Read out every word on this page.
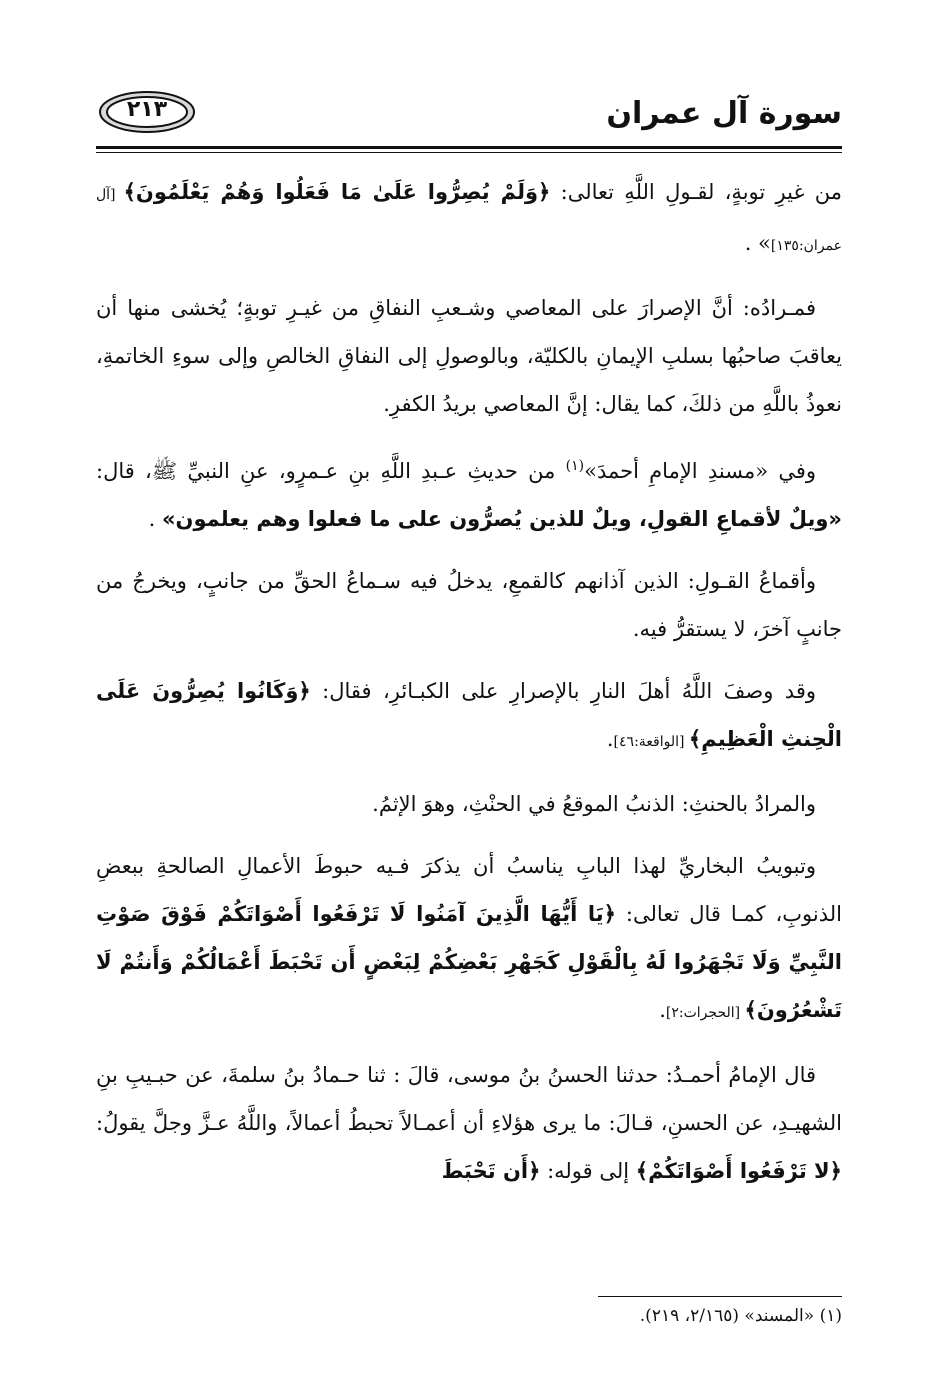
٢١٣	سورة آل عمران

من غيرِ توبةٍ، لقـولِ اللَّهِ تعالى: ﴿وَلَمْ يُصِرُّوا عَلَىٰ مَا فَعَلُوا وَهُمْ يَعْلَمُونَ﴾ [آل عمران:١٣٥]» .

فمـرادُه: أنَّ الإصرارَ على المعاصي وشـعبِ النفاقِ من غيـرِ توبةٍ؛ يُخشى منها أن يعاقبَ صاحبُها بسلبِ الإيمانِ بالكليّة، وبالوصولِ إلى النفاقِ الخالصِ وإلى سوءِ الخاتمةِ، نعوذُ باللَّهِ من ذلكَ، كما يقال: إنَّ المعاصي بريدُ الكفرِ.

وفي «مسندِ الإمامِ أحمدَ»$^{(١)}$ من حديثِ عـبدِ اللَّهِ بنِ عـمرٍو، عنِ النبيِّ ﷺ، قال: «ويلٌ لأقماعِ القولِ، ويلٌ للذين يُصرُّون على ما فعلوا وهم يعلمون» .

وأقماعُ القـولِ: الذين آذانهم كالقمعِ، يدخلُ فيه سـماعُ الحقِّ من جانبٍ، ويخرجُ من جانبٍ آخرَ، لا يستقرُّ فيه.

وقد وصفَ اللَّهُ أهلَ النارِ بالإصرارِ على الكبـائرِ، فقال: ﴿وَكَانُوا يُصِرُّونَ عَلَى الْحِنثِ الْعَظِيمِ﴾ [الواقعة:٤٦].

والمرادُ بالحنثِ: الذنبُ الموقعُ في الحنْثِ، وهوَ الإثمُ.

وتبويبُ البخاريِّ لهذا البابِ يناسبُ أن يذكرَ فـيه حبوطَ الأعمالِ الصالحةِ ببعضِ الذنوبِ، كمـا قال تعالى: ﴿يَا أَيُّهَا الَّذِينَ آمَنُوا لَا تَرْفَعُوا أَصْوَاتَكُمْ فَوْقَ صَوْتِ النَّبِيِّ وَلَا تَجْهَرُوا لَهُ بِالْقَوْلِ كَجَهْرِ بَعْضِكُمْ لِبَعْضٍ أَن تَحْبَطَ أَعْمَالُكُمْ وَأَنتُمْ لَا تَشْعُرُونَ﴾ [الحجرات:٢].

قال الإمامُ أحمـدُ: حدثنا الحسنُ بنُ موسى، قالَ : ثنا حـمادُ بنُ سلمةَ، عن حبـيبِ بنِ الشهيـدِ، عن الحسنِ، قـالَ: ما يرى هؤلاءِ أن أعمـالاً تحبطُ أعمالاً، واللَّهُ عـزَّ وجلَّ يقولُ: ﴿لا تَرْفَعُوا أَصْوَاتَكُمْ﴾ إلى قوله: ﴿أَن تَحْبَطَ

(١) «المسند» (٢/١٦٥، ٢١٩).
